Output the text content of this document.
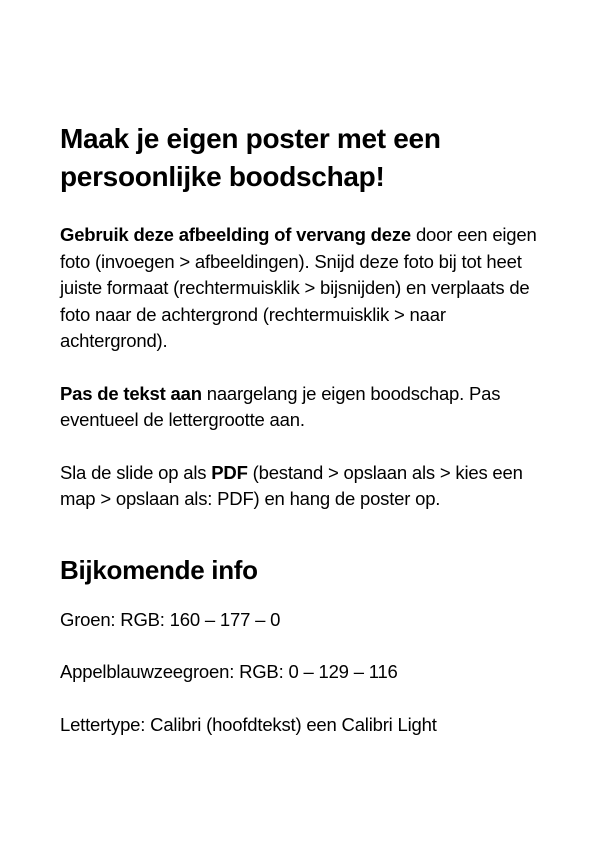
Maak je eigen poster met een persoonlijke boodschap!

Gebruik deze afbeelding of vervang deze door een eigen foto (invoegen > afbeeldingen). Snijd deze foto bij tot heet juiste formaat (rechtermuisklik > bijsnijden) en verplaats de foto naar de achtergrond (rechtermuisklik > naar achtergrond).

Pas de tekst aan naargelang je eigen boodschap. Pas eventueel de lettergrootte aan.

Sla de slide op als PDF (bestand > opslaan als > kies een map > opslaan als: PDF) en hang de poster op.

Bijkomende info

Groen: RGB: 160 – 177 – 0

Appelblauwzeegroen: RGB: 0 – 129 – 116

Lettertype: Calibri (hoofdtekst) een Calibri Light
